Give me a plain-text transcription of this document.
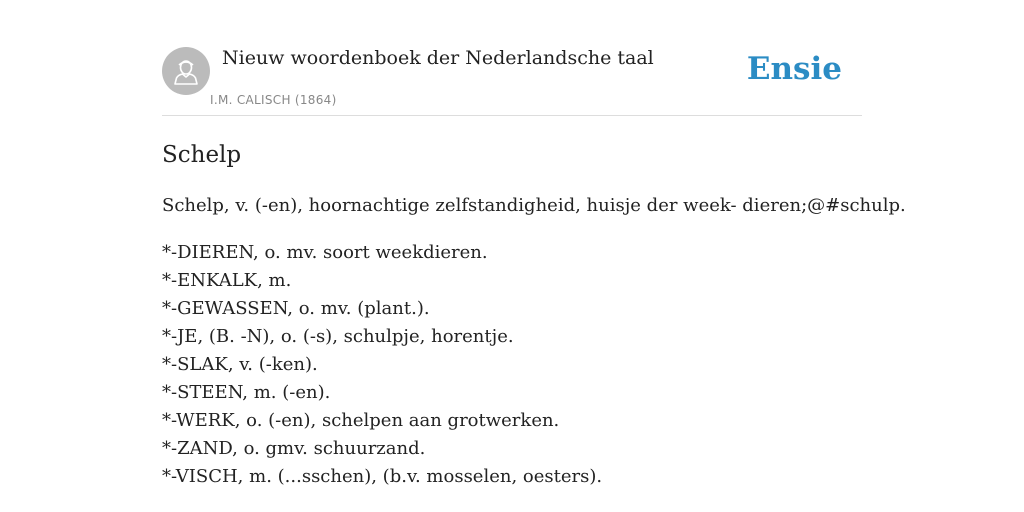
Nieuw woordenboek der Nederlandsche taal
I.M. CALISCH (1864)
Ensie
Schelp

Schelp, v. (-en), hoornachtige zelfstandigheid, huisje der week- dieren;@#schulp.

*-DIEREN, o. mv. soort weekdieren.
*-ENKALK, m.
*-GEWASSEN, o. mv. (plant.).
*-JE, (B. -N), o. (-s), schulpje, horentje.
*-SLAK, v. (-ken).
*-STEEN, m. (-en).
*-WERK, o. (-en), schelpen aan grotwerken.
*-ZAND, o. gmv. schuurzand.
*-VISCH, m. (...sschen), (b.v. mosselen, oesters).
